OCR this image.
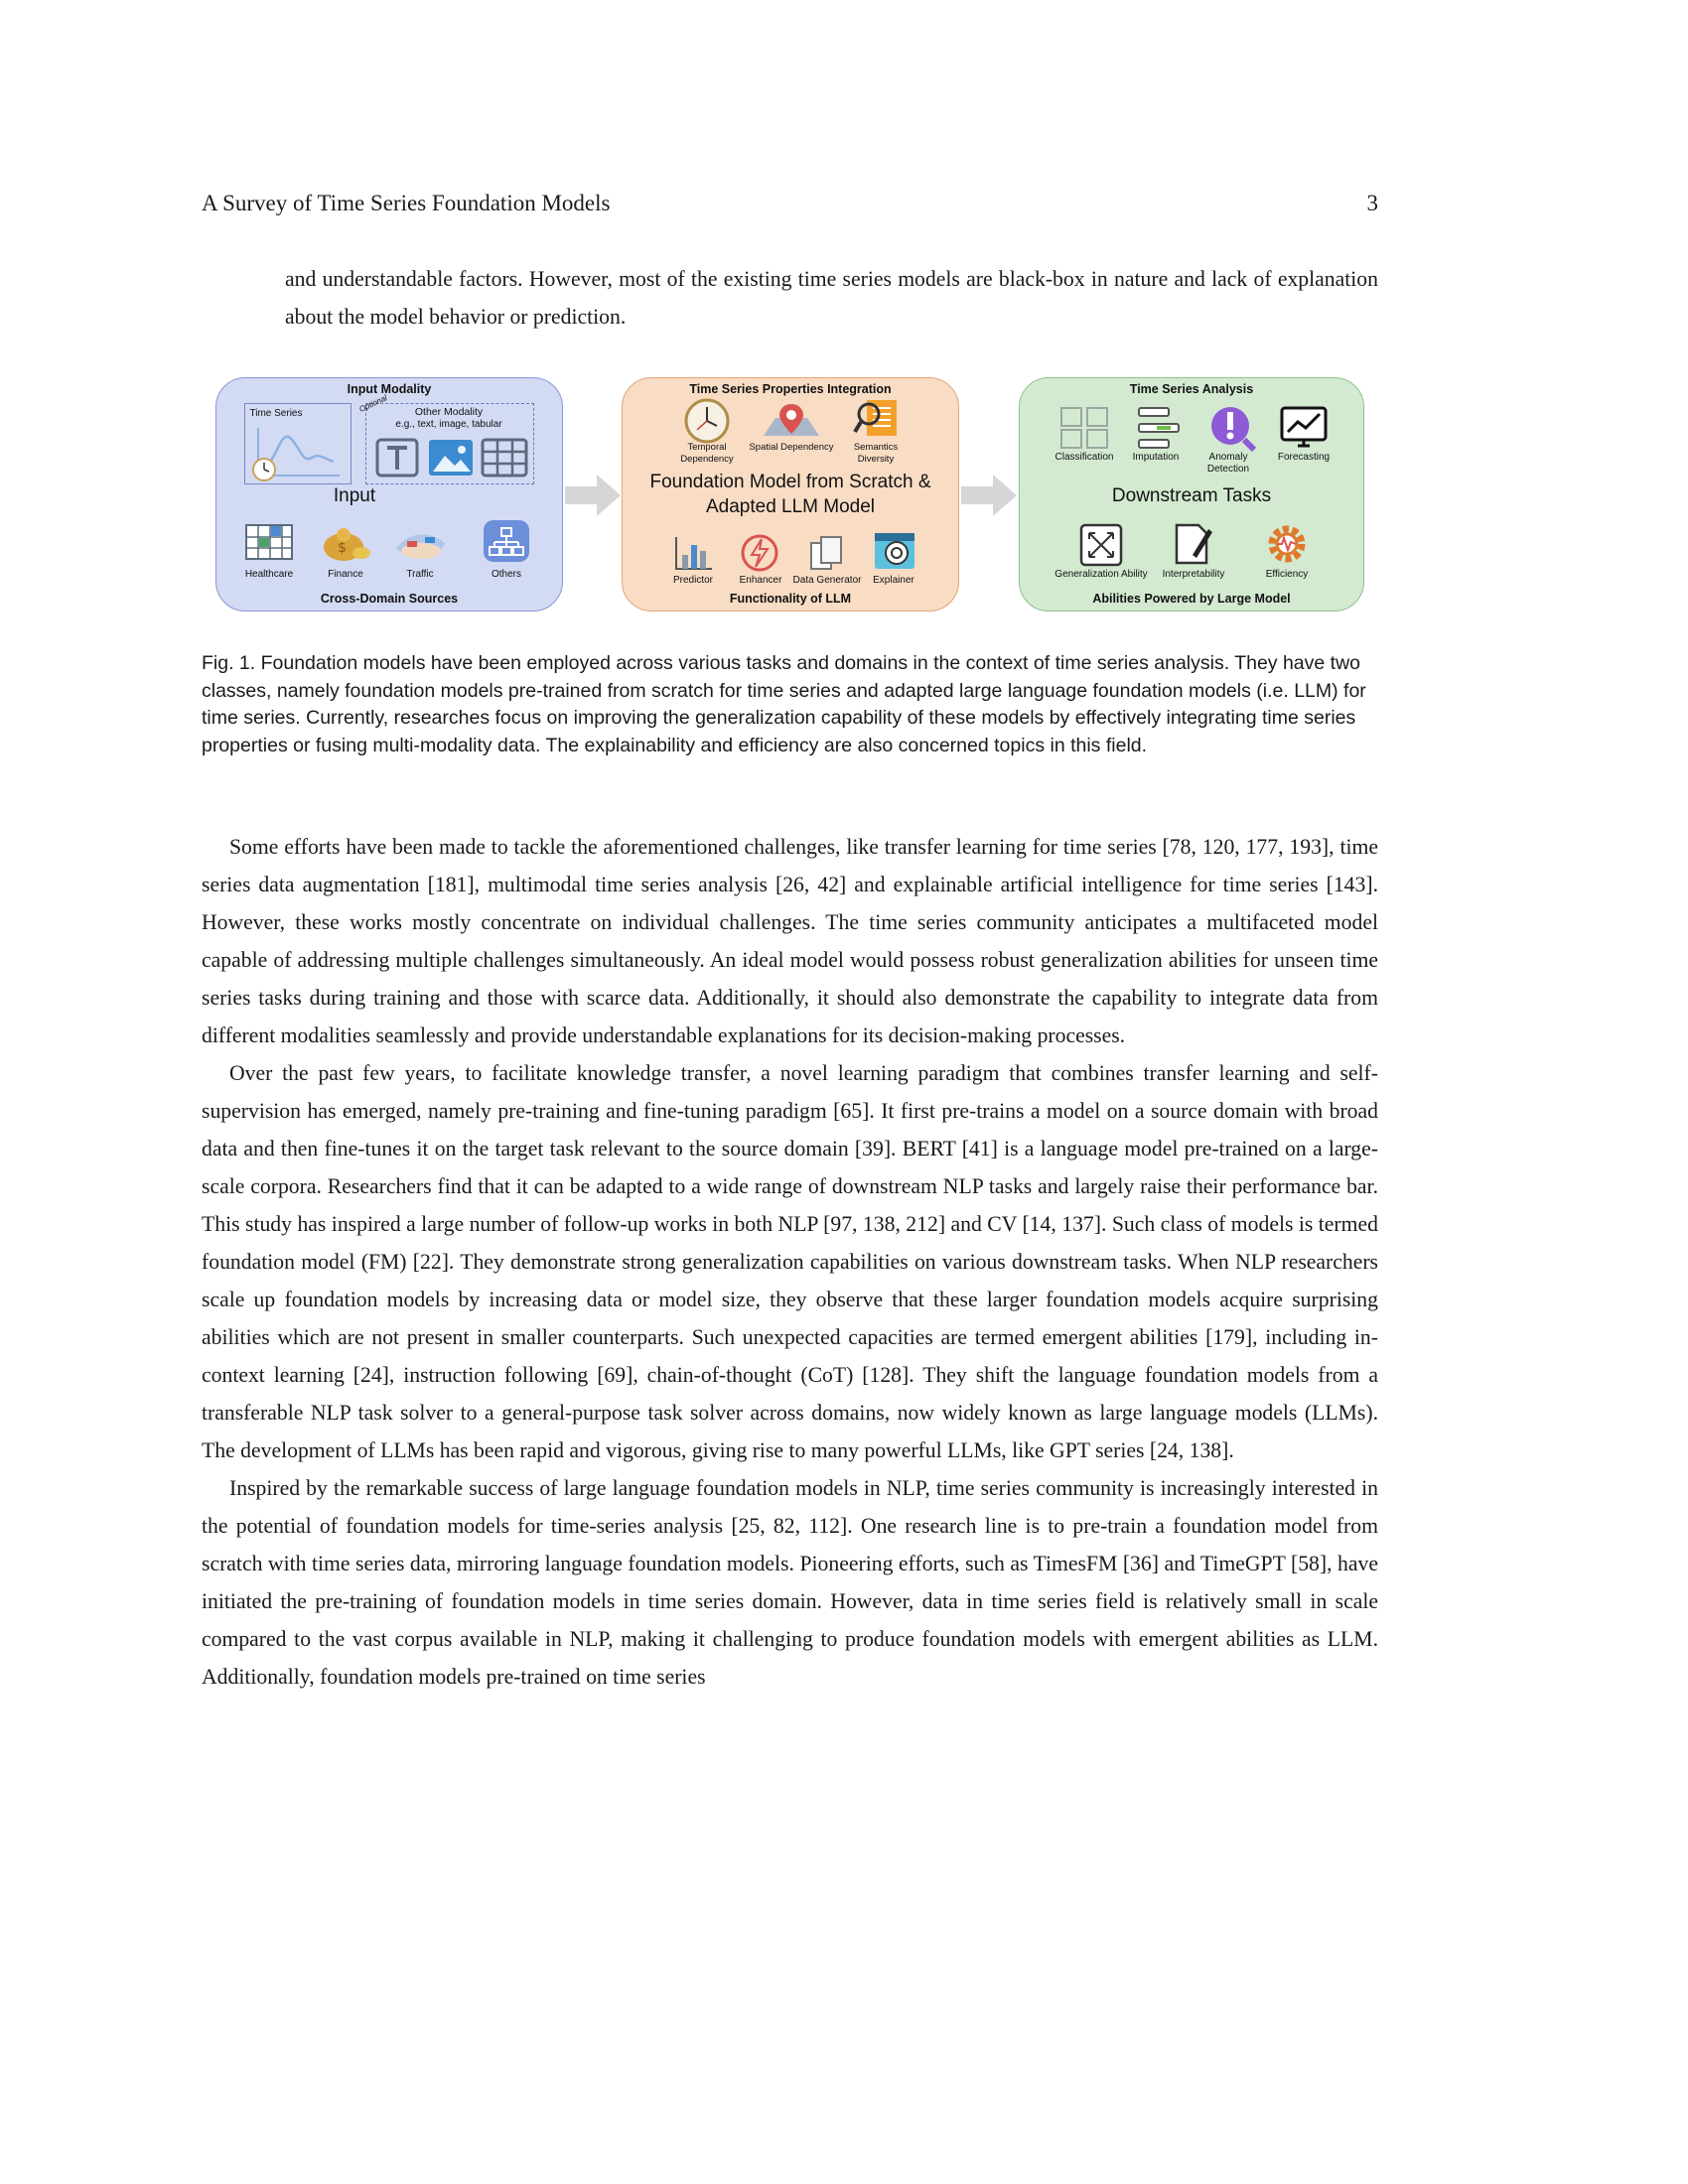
A Survey of Time Series Foundation Models	3

and understandable factors. However, most of the existing time series models are black-box in nature and lack of explanation about the model behavior or prediction.

Input Modality
Time Series	Optional	Other Modality
e.g., text, image, tabular
Input
$
Healthcare	Finance	Traffic	Others
Cross-Domain Sources
Time Series Properties Integration
Temporal Dependency
Spatial Dependency	Semantics Diversity
Foundation Model from Scratch &
Adapted LLM Model
Predictor	Enhancer	Data Generator	Explainer
Functionality of LLM
Time Series Analysis
Classification	Imputation	Anomaly Detection
Forecasting
Downstream Tasks
Generalization Ability	Interpretability	Efficiency
Abilities Powered by Large Model

Fig. 1. Foundation models have been employed across various tasks and domains in the context of time series analysis. They have two classes, namely foundation models pre-trained from scratch for time series and adapted large language foundation models (i.e. LLM) for time series. Currently, researches focus on improving the generalization capability of these models by effectively integrating time series properties or fusing multi-modality data. The explainability and efficiency are also concerned topics in this field.

Some efforts have been made to tackle the aforementioned challenges, like transfer learning for time series [78, 120, 177, 193], time series data augmentation [181], multimodal time series analysis [26, 42] and explainable artificial intelligence for time series [143]. However, these works mostly concentrate on individual challenges. The time series community anticipates a multifaceted model capable of addressing multiple challenges simultaneously. An ideal model would possess robust generalization abilities for unseen time series tasks during training and those with scarce data. Additionally, it should also demonstrate the capability to integrate data from different modalities seamlessly and provide understandable explanations for its decision-making processes.

Over the past few years, to facilitate knowledge transfer, a novel learning paradigm that combines transfer learning and self-supervision has emerged, namely pre-training and fine-tuning paradigm [65]. It first pre-trains a model on a source domain with broad data and then fine-tunes it on the target task relevant to the source domain [39]. BERT [41] is a language model pre-trained on a large-scale corpora. Researchers find that it can be adapted to a wide range of downstream NLP tasks and largely raise their performance bar. This study has inspired a large number of follow-up works in both NLP [97, 138, 212] and CV [14, 137]. Such class of models is termed foundation model (FM) [22]. They demonstrate strong generalization capabilities on various downstream tasks. When NLP researchers scale up foundation models by increasing data or model size, they observe that these larger foundation models acquire surprising abilities which are not present in smaller counterparts. Such unexpected capacities are termed emergent abilities [179], including in-context learning [24], instruction following [69], chain-of-thought (CoT) [128]. They shift the language foundation models from a transferable NLP task solver to a general-purpose task solver across domains, now widely known as large language models (LLMs). The development of LLMs has been rapid and vigorous, giving rise to many powerful LLMs, like GPT series [24, 138].

Inspired by the remarkable success of large language foundation models in NLP, time series community is increasingly interested in the potential of foundation models for time-series analysis [25, 82, 112]. One research line is to pre-train a foundation model from scratch with time series data, mirroring language foundation models. Pioneering efforts, such as TimesFM [36] and TimeGPT [58], have initiated the pre-training of foundation models in time series domain. However, data in time series field is relatively small in scale compared to the vast corpus available in NLP, making it challenging to produce foundation models with emergent abilities as LLM. Additionally, foundation models pre-trained on time series
